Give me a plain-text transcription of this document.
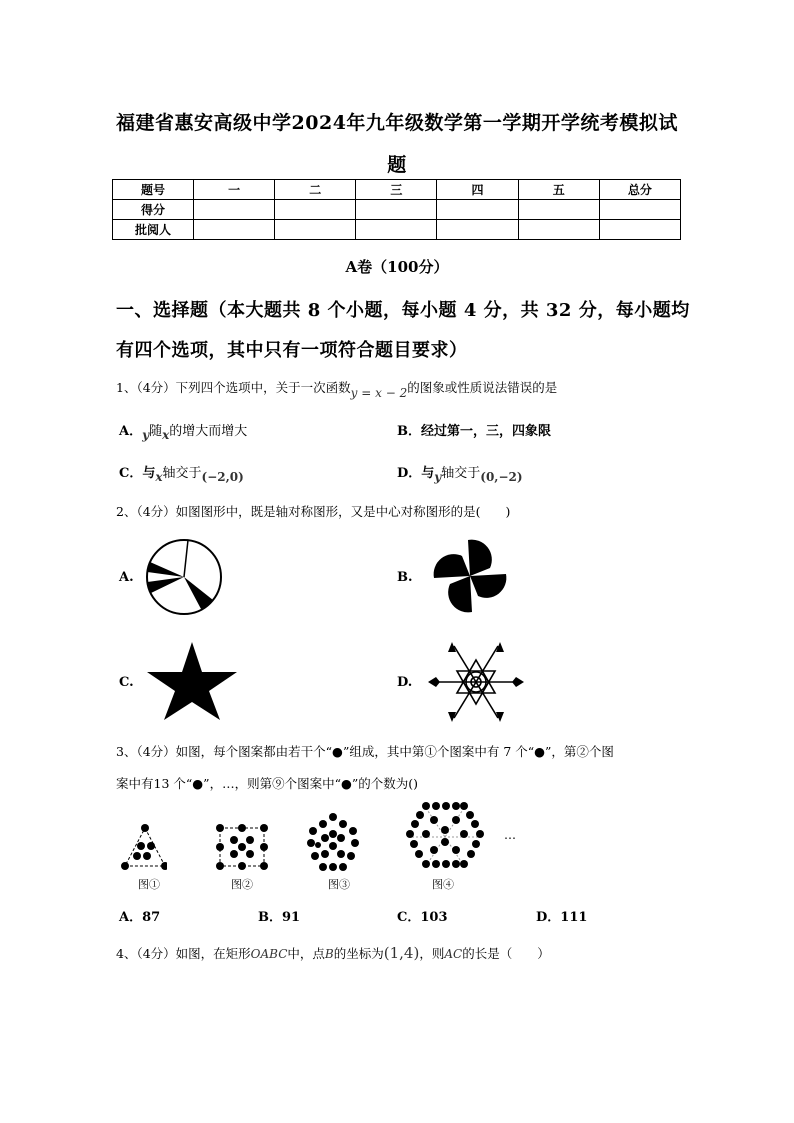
福建省惠安高级中学2024年九年级数学第一学期开学统考模拟试
题
题号	一	二	三	四	五	总分
得分						
批阅人						
A卷（100分）
一、选择题（本大题共 8 个小题，每小题 4 分，共 32 分，每小题均
有四个选项，其中只有一项符合题目要求）
1、（4分）下列四个选项中，关于一次函数y = x − 2的图象或性质说法错误的是
A．y随x的增大而增大	B．经过第一，三，四象限
C．与x轴交于(−2,0)	D．与y轴交于(0,−2)
2、（4分）如图图形中，既是轴对称图形，又是中心对称图形的是(　　)
A.	B.
C.	D.
3、（4分）如图，每个图案都由若干个“●”组成，其中第①个图案中有 7 个“●”，第②个图
案中有13 个“●”，…，则第⑨个图案中“●”的个数为()
图①	图②	图③	图④
…
A．87	B．91	C．103	D．111
4、（4分）如图，在矩形OABC中，点B的坐标为(1,4)，则AC的长是（　　）
